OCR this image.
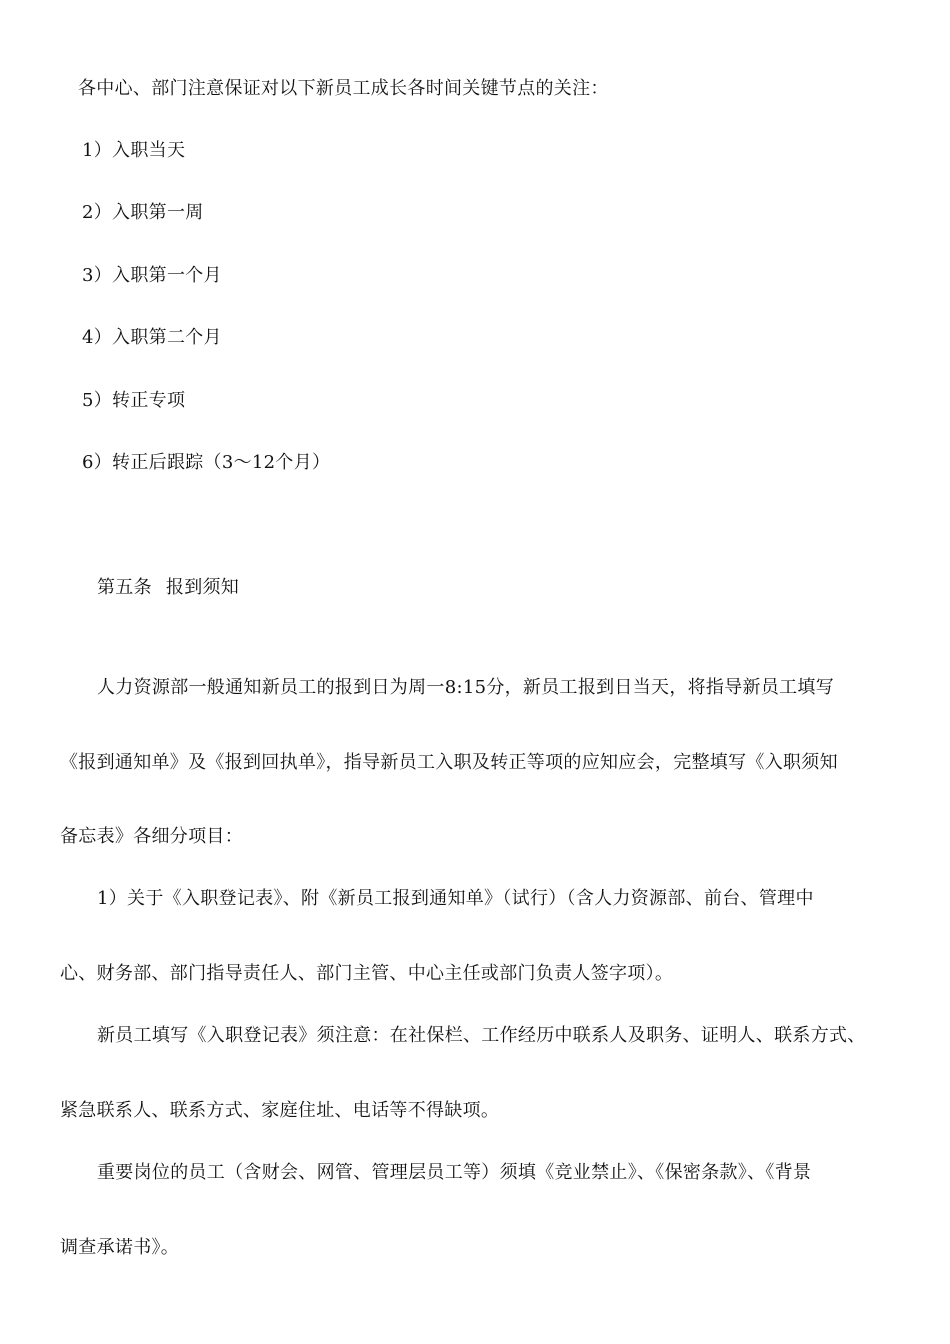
各中心、部门注意保证对以下新员工成长各时间关键节点的关注：
1）入职当天
2）入职第一周
3）入职第一个月
4）入职第二个月
5）转正专项
6）转正后跟踪（3～12个月）
第五条 报到须知
人力资源部一般通知新员工的报到日为周一8:15分，新员工报到日当天，将指导新员工填写
《报到通知单》及《报到回执单》，指导新员工入职及转正等项的应知应会，完整填写《入职须知
备忘表》各细分项目：
1）关于《入职登记表》、附《新员工报到通知单》（试行）（含人力资源部、前台、管理中
心、财务部、部门指导责任人、部门主管、中心主任或部门负责人签字项）。
新员工填写《入职登记表》须注意：在社保栏、工作经历中联系人及职务、证明人、联系方式、
紧急联系人、联系方式、家庭住址、电话等不得缺项。
重要岗位的员工（含财会、网管、管理层员工等）须填《竞业禁止》、《保密条款》、《背景
调查承诺书》。
